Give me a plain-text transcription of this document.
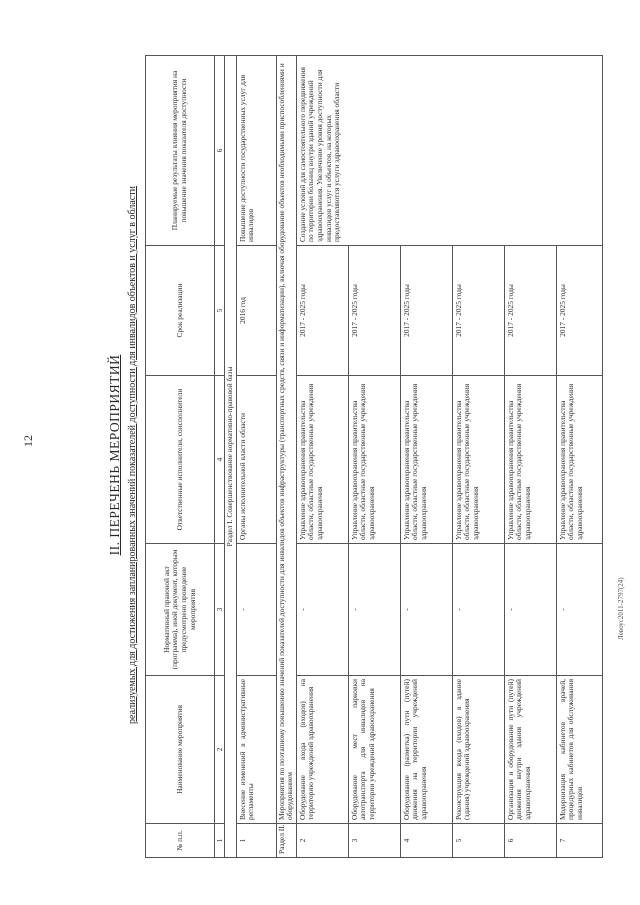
12
Левоус2011-2797(24)
II. ПЕРЕЧЕНЬ МЕРОПРИЯТИЙ реализуемых для достижения запланированных значений показателей доступности для инвалидов объектов и услуг в области
№ п.п.	Наименование мероприятия	Нормативный правовой акт (программа), иной документ, которым предусмотрено проведение мероприятия	Ответственные исполнители, соисполнители	Срок реализации	Планируемые результаты влияния мероприятия на повышение значения показателя доступности
1	2	3	4	5	6
Раздел I. Совершенствование нормативно-правовой базы					
1	Внесение изменений в административные регламенты	-	Органы исполнительной власти области	2016 год	Повышение доступности государственных услуг для инвалидов
Раздел II.	Мероприятия по поэтапному повышению значений показателей доступности для инвалидов объектов инфраструктуры (транспортных средств, связи и информатизации), включая оборудование объектов необходимыми приспособлениями и оборудованием				
2	Оборудование входа (входов) на территорию учреждений здравоохранения	-	Управление здравоохранения правительства области, областные государственные учреждения здравоохранения	2017 - 2025 годы	Создание условий для самостоятельного передвижения по территории больниц внутри зданий учреждений здравоохранения. Увеличение уровня доступности для инвалидов услуг и объектов, на которых предоставляются услуги здравоохранения области
3	Оборудование мест парковки автотранспорта для инвалидов на территории учреждений здравоохранения	-	Управление здравоохранения правительства области, областные государственные учреждения здравоохранения	2017 - 2025 годы	
4	Оборудование (разметка) пути (путей) движения на территории учреждений здравоохранения	-	Управление здравоохранения правительства области, областные государственные учреждения здравоохранения	2017 - 2025 годы	
5	Реконструкция входа (входов) в здание (здания) учреждений здравоохранения	-	Управление здравоохранения правительства области, областные государственные учреждения здравоохранения	2017 - 2025 годы	
6	Организация и оборудование пути (путей) движения внутри здания учреждений здравоохранения	-	Управление здравоохранения правительства области, областные государственные учреждения здравоохранения	2017 - 2025 годы	
7	Модернизация кабинетов врачей, процедурных кабинетов для обслуживания инвалидов	-	Управление здравоохранения правительства области, областные государственные учреждения здравоохранения	2017 - 2025 годы	
